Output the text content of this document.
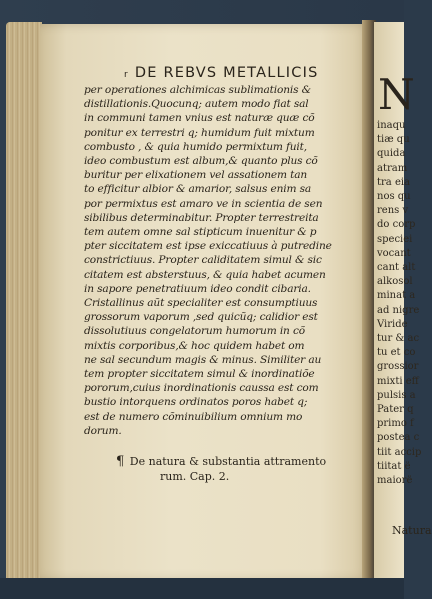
N
inaqu
tiæ qu
quida
atram
tra eia
nos qu
rens v
do corp
speciei
vocant
cant alt
alkosol
minat a
ad nigre
Viride
tur & ac
tu et co
grossior
mixti eff
pulsis a
Pater q
primo f
postea c
tiit accip
tiitat ë
maiorë
r DE REBVS METALLICIS
per operationes alchimicas sublimationis &
distillationis.Quocunq; autem modo fiat sal
in communi tamen vnius est naturæ quæ cõ
ponitur ex terrestri q; humidum fuit mixtum
combusto , & quia humido permixtum fuit,
ideo combustum est album,& quanto plus cõ
buritur per elixationem vel assationem tan
to efficitur albior & amarior, salsus enim sa
por permixtus est amaro ve in scientia de sen
sibilibus determinabitur. Propter terrestreita
tem autem omne sal stipticum inuenitur & p
pter siccitatem est ipse exiccatiuus à putredine
constrictiuus. Propter caliditatem simul & sic
citatem est absterstuus, & quia habet acumen
in sapore penetratiuum ideo condit cibaria.
Cristallinus aũt specialiter est consumptiuus
grossorum vaporum ,sed quicũq; calidior est
dissolutiuus congelatorum humorum in cõ
mixtis corporibus,& hoc quidem habet om
ne sal secundum magis & minus. Similiter au
tem propter siccitatem simul & inordinatiõe
pororum,cuius inordinationis caussa est com
bustio intorquens ordinatos poros habet q;
est de numero cõminuibilium omnium mo
dorum.
¶ De natura & substantia attramento
rum. Cap. 2.
Natura
